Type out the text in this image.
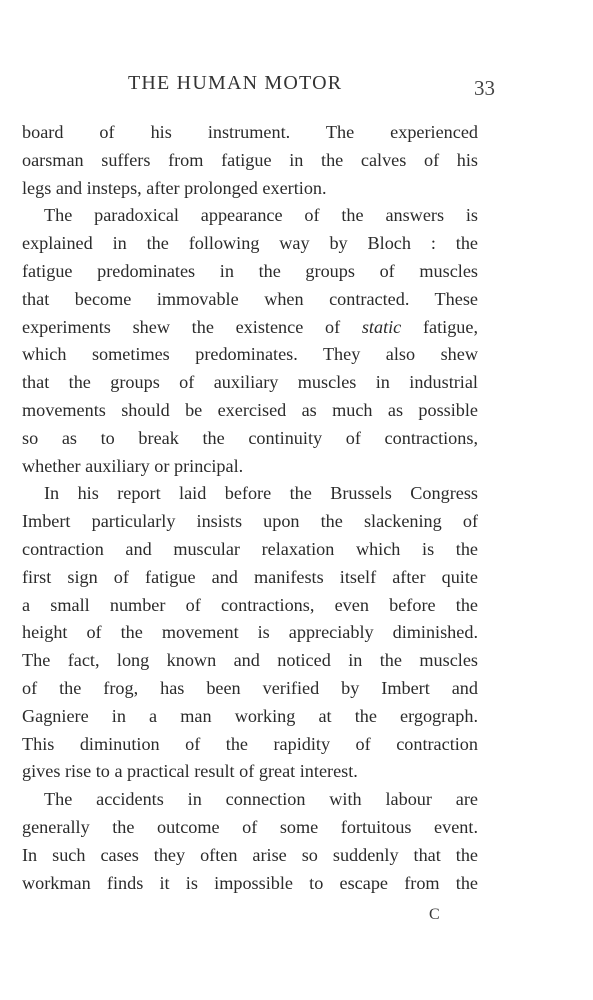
THE HUMAN MOTOR	33
board of his instrument. The experienced
oarsman suffers from fatigue in the calves of his
legs and insteps, after prolonged exertion.
The paradoxical appearance of the answers is
explained in the following way by Bloch : the
fatigue predominates in the groups of muscles
that become immovable when contracted. These
experiments shew the existence of static fatigue,
which sometimes predominates. They also shew
that the groups of auxiliary muscles in industrial
movements should be exercised as much as possible
so as to break the continuity of contractions,
whether auxiliary or principal.
In his report laid before the Brussels Congress
Imbert particularly insists upon the slackening of
contraction and muscular relaxation which is the
first sign of fatigue and manifests itself after quite
a small number of contractions, even before the
height of the movement is appreciably diminished.
The fact, long known and noticed in the muscles
of the frog, has been verified by Imbert and
Gagniere in a man working at the ergograph.
This diminution of the rapidity of contraction
gives rise to a practical result of great interest.
The accidents in connection with labour are
generally the outcome of some fortuitous event.
In such cases they often arise so suddenly that the
workman finds it is impossible to escape from the
C
